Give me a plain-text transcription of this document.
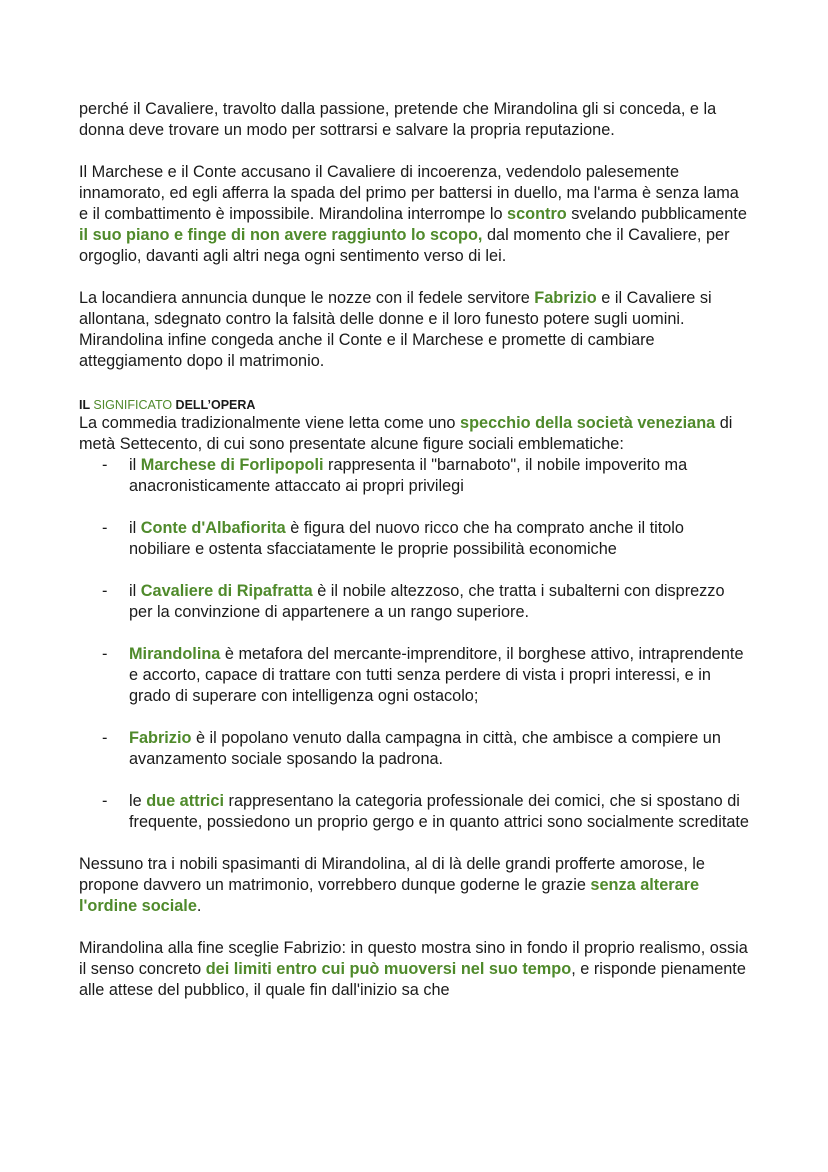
perché il Cavaliere, travolto dalla passione, pretende che Mirandolina gli si conceda, e la donna deve trovare un modo per sottrarsi e salvare la propria reputazione.

Il Marchese e il Conte accusano il Cavaliere di incoerenza, vedendolo palesemente innamorato, ed egli afferra la spada del primo per battersi in duello, ma l'arma è senza lama e il combattimento è impossibile. Mirandolina interrompe lo scontro svelando pubblicamente il suo piano e finge di non avere raggiunto lo scopo, dal momento che il Cavaliere, per orgoglio, davanti agli altri nega ogni sentimento verso di lei.

La locandiera annuncia dunque le nozze con il fedele servitore Fabrizio e il Cavaliere si allontana, sdegnato contro la falsità delle donne e il loro funesto potere sugli uomini. Mirandolina infine congeda anche il Conte e il Marchese e promette di cambiare atteggiamento dopo il matrimonio.

IL SIGNIFICATO DELL’OPERA

La commedia tradizionalmente viene letta come uno specchio della società veneziana di metà Settecento, di cui sono presentate alcune figure sociali emblematiche:

- il Marchese di Forlipopoli rappresenta il "barnaboto", il nobile impoverito ma anacronisticamente attaccato ai propri privilegi
- il Conte d'Albafiorita è figura del nuovo ricco che ha comprato anche il titolo nobiliare e ostenta sfacciatamente le proprie possibilità economiche
- il Cavaliere di Ripafratta è il nobile altezzoso, che tratta i subalterni con disprezzo per la convinzione di appartenere a un rango superiore.
- Mirandolina è metafora del mercante-imprenditore, il borghese attivo, intraprendente e accorto, capace di trattare con tutti senza perdere di vista i propri interessi, e in grado di superare con intelligenza ogni ostacolo;
- Fabrizio è il popolano venuto dalla campagna in città, che ambisce a compiere un avanzamento sociale sposando la padrona.
- le due attrici rappresentano la categoria professionale dei comici, che si spostano di frequente, possiedono un proprio gergo e in quanto attrici sono socialmente screditate

Nessuno tra i nobili spasimanti di Mirandolina, al di là delle grandi profferte amorose, le propone davvero un matrimonio, vorrebbero dunque goderne le grazie senza alterare l'ordine sociale.

Mirandolina alla fine sceglie Fabrizio: in questo mostra sino in fondo il proprio realismo, ossia il senso concreto dei limiti entro cui può muoversi nel suo tempo, e risponde pienamente alle attese del pubblico, il quale fin dall'inizio sa che
